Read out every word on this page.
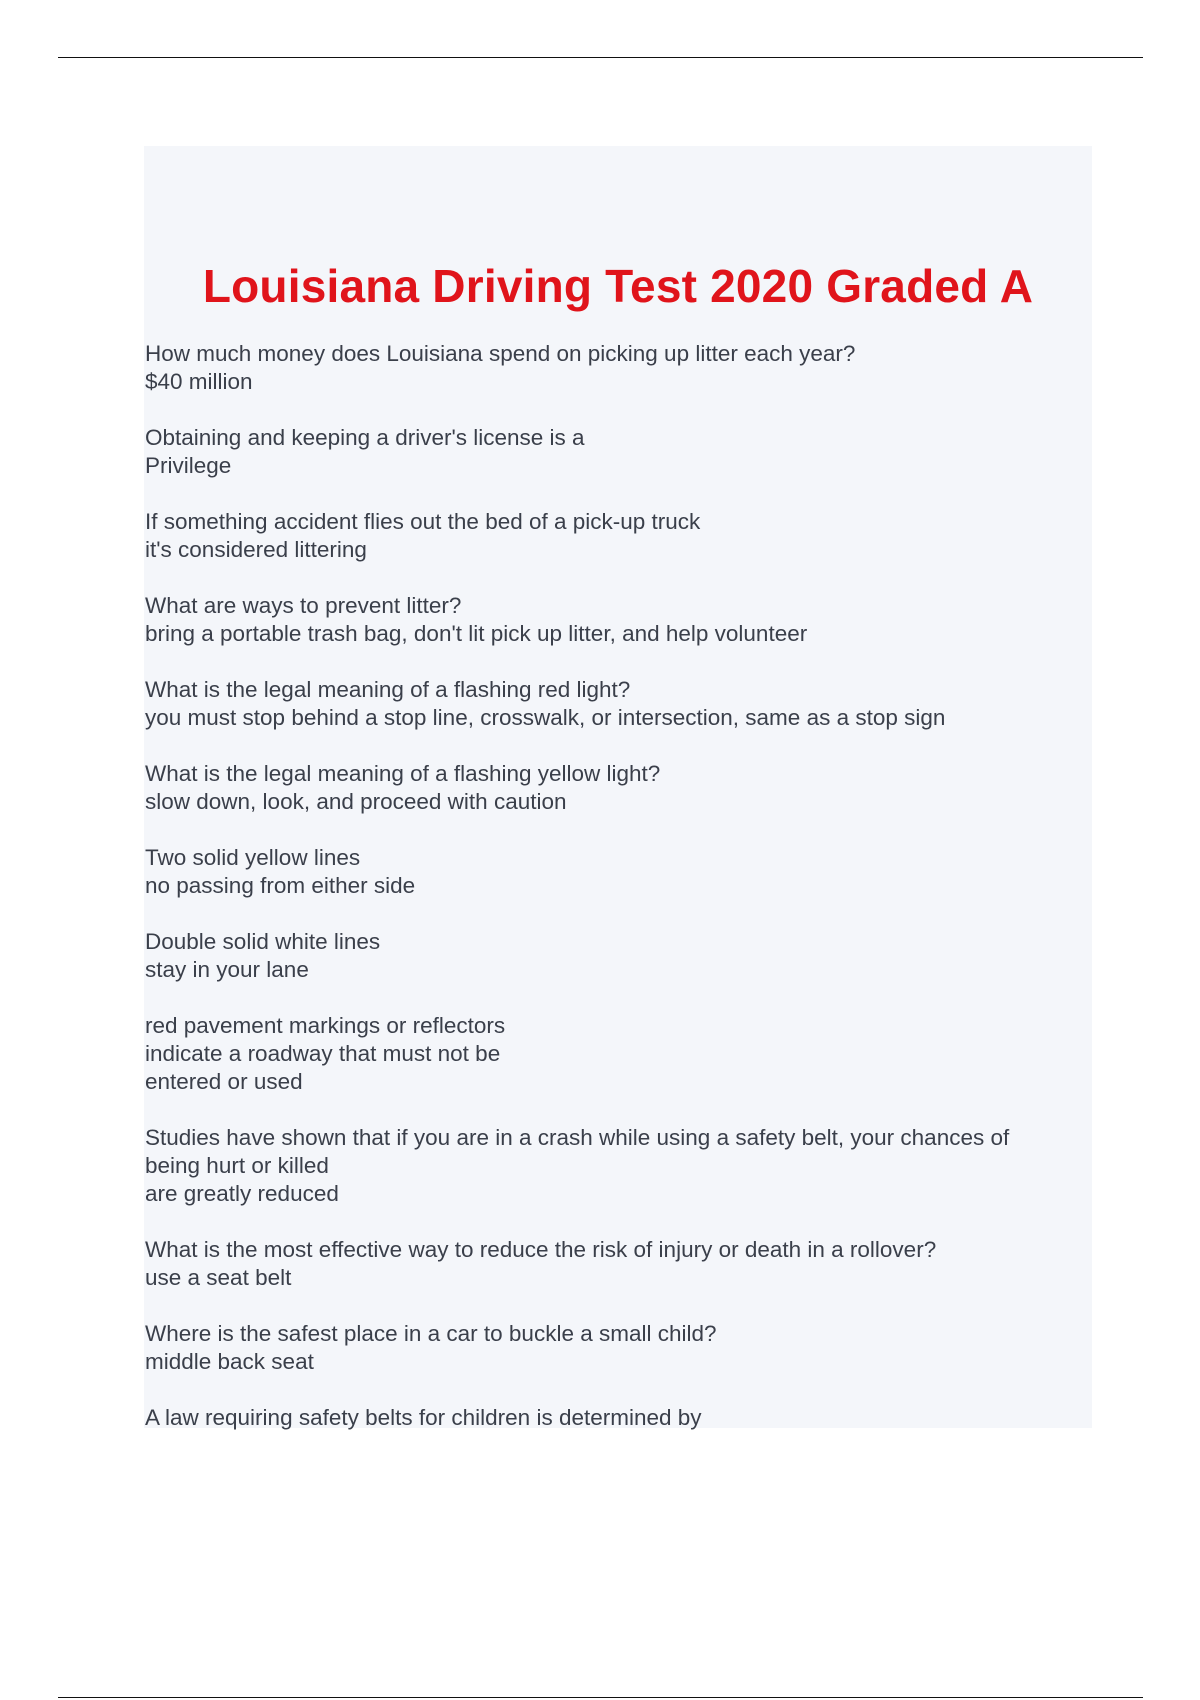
Louisiana Driving Test 2020 Graded A
How much money does Louisiana spend on picking up litter each year?
$40 million
Obtaining and keeping a driver's license is a
Privilege
If something accident flies out the bed of a pick-up truck
it's considered littering
What are ways to prevent litter?
bring a portable trash bag, don't lit pick up litter, and help volunteer
What is the legal meaning of a flashing red light?
you must stop behind a stop line, crosswalk, or intersection, same as a stop sign
What is the legal meaning of a flashing yellow light?
slow down, look, and proceed with caution
Two solid yellow lines
no passing from either side
Double solid white lines
stay in your lane
red pavement markings or reflectors
indicate a roadway that must not be
entered or used
Studies have shown that if you are in a crash while using a safety belt, your chances of
being hurt or killed
are greatly reduced
What is the most effective way to reduce the risk of injury or death in a rollover?
use a seat belt
Where is the safest place in a car to buckle a small child?
middle back seat
A law requiring safety belts for children is determined by
